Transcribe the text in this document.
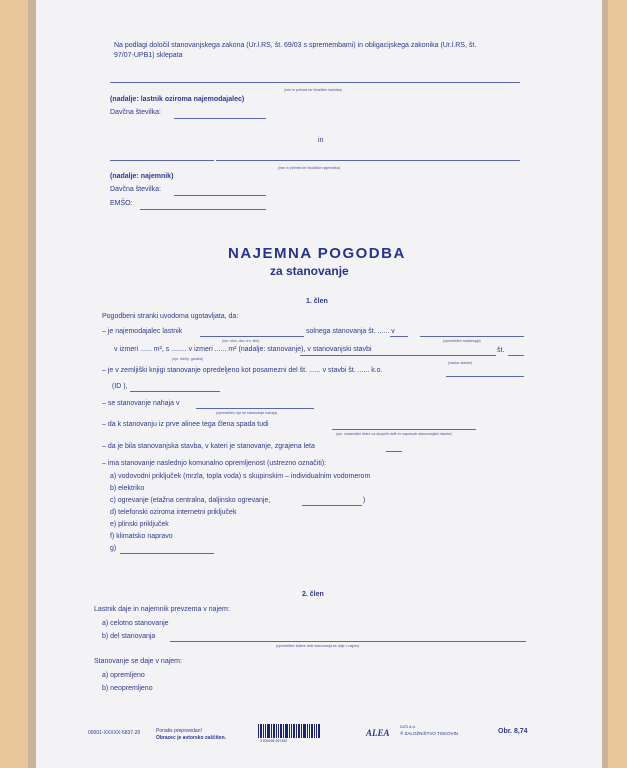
Na podlagi določil stanovanjskega zakona (Ur.l.RS, št. 69/03 s spremembami) in obligacijskega zakonika (Ur.l.RS, št.
97/07-UPB1) sklepata
(ime in priimek ter bivališče lastnika)
(nadalje: lastnik oziroma najemodajalec)
Davčna številka:
in
(ime in priimek ter bivališče najemnika)
(nadalje: najemnik)
Davčna številka:
EMŠO:
NAJEMNA POGODBA
za stanovanje
1. člen
Pogodbeni stranki uvodoma ugotavljata, da:
– je najemodajalec lastnik	solnega stanovanja št. ...... v
(npr. sklo, dvo, tro, štiri)	(opredelitev nadstropja)
v izmeri ...... m², s ........ v izmeri ...... m² (nadalje: stanovanje), v stanovanjski stavbi	št.
(npr. klet/p, garaža)
(naslov stavbe)
– je v zemljiški knjigi stanovanje opredeljeno kot posamezni del št. ...... v stavbi št. ...... k.o.
(ID ),
– se stanovanje nahaja v
(opredelitev, kje se stanovanje nahaja)
– da k stanovanju iz prve alinee tega člena spada tudi
(npr. solastniški delež na skupnih delih in napravah stanovanjske stavbe)
– da je bila stanovanjska stavba, v kateri je stanovanje, zgrajena leta
– ima stanovanje naslednjo komunalno opremljenost (ustrezno označiti):
a) vodovodni priključek (mrzla, topla voda) s skupinskim – individualnim vodomerom
b) elektriko
c) ogrevanje (etažna centralna, daljinsko ogrevanje,	)
d) telefonski oziroma internetni priključek
e) plinski priključek
f) klimatsko napravo
g)
2. člen
Lastnik daje in najemnik prevzema v najem:
a) celotno stanovanje
b) del stanovanja
(opredelitev katere dele stanovanja se daje v najem)
Stanovanje se daje v najem:
a) opremljeno
b) neopremljeno
00001-XXXXX-5837-20	Ponatis prepovedan!
Obrazec je avtorsko zaščiten.	3 830006 597482
ALEA
DZS d.d.
® ZALOŽNIŠTVO TISKOVIN	Obr. 8,74
